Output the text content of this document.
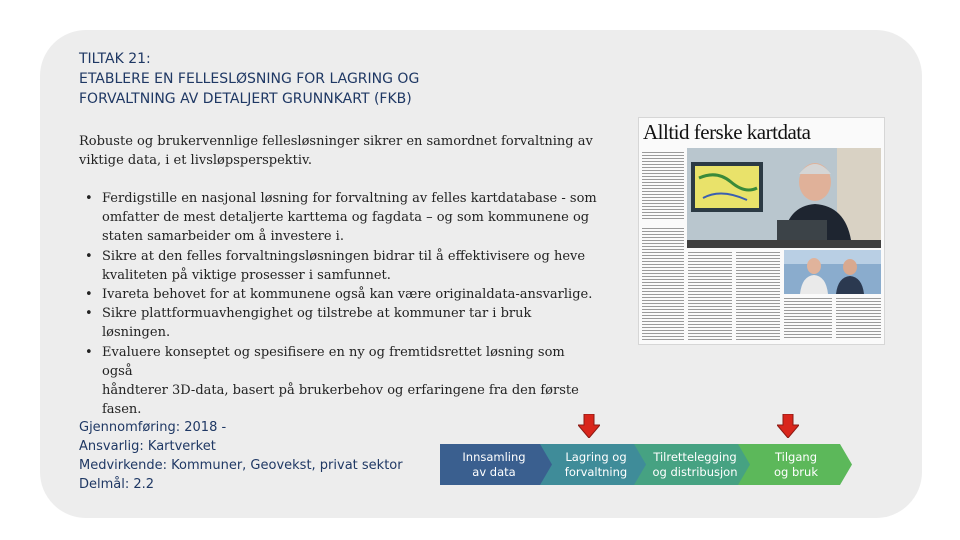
TILTAK 21:
ETABLERE EN FELLESLØSNING FOR LAGRING OG
FORVALTNING AV DETALJERT GRUNNKART (FKB)
Robuste og brukervennlige fellesløsninger sikrer en samordnet forvaltning av
viktige data, i et livsløpsperspektiv.
• Ferdigstille en nasjonal løsning for forvaltning av felles kartdatabase - som
omfatter de mest detaljerte karttema og fagdata – og som kommunene og
staten samarbeider om å investere i.
• Sikre at den felles forvaltningsløsningen bidrar til å effektivisere og heve
kvaliteten på viktige prosesser i samfunnet.
• Ivareta behovet for at kommunene også kan være originaldata-ansvarlige.
• Sikre plattformuavhengighet og tilstrebe at kommuner tar i bruk løsningen.
• Evaluere konseptet og spesifisere en ny og fremtidsrettet løsning som også
håndterer 3D-data, basert på brukerbehov og erfaringene fra den første
fasen.
Gjennomføring: 2018 -
Ansvarlig: Kartverket
Medvirkende: Kommuner, Geovekst, privat sektor
Delmål: 2.2
Alltid ferske kartdata
Innsamling
av data
Lagring og
forvaltning
Tilrettelegging
og distribusjon
Tilgang
og bruk
